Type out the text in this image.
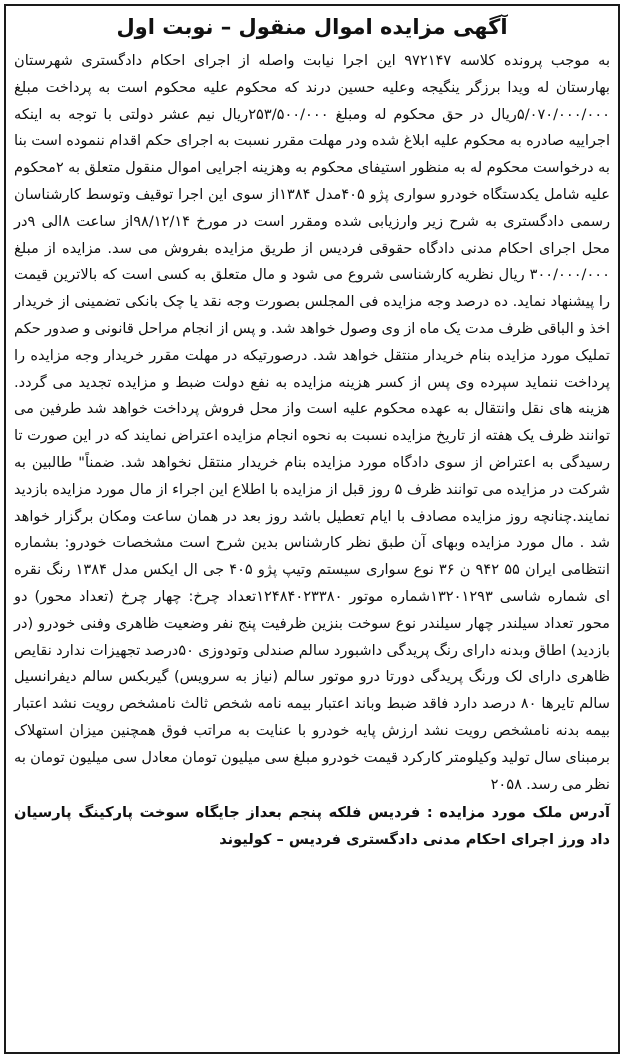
آگهی مزایده اموال منقول – نوبت اول

به موجب پرونده کلاسه ۹۷۲۱۴۷ این اجرا نیابت واصله از اجرای احکام دادگستری شهرستان بهارستان له ویدا برزگر ینگیجه وعلیه حسین درند که محکوم علیه محکوم است به پرداخت مبلغ ۵/۰۷۰/۰۰۰/۰۰۰ریال در حق محکوم له ومبلغ ۲۵۳/۵۰۰/۰۰۰ریال نیم عشر دولتی با توجه به اینکه اجراییه صادره به محکوم علیه ابلاغ شده ودر مهلت مقرر نسبت به اجرای حکم اقدام ننموده است بنا به درخواست محکوم له به منظور استیفای محکوم به وهزینه اجرایی اموال منقول متعلق به ۲محکوم علیه شامل یکدستگاه خودرو سواری پژو ۴۰۵مدل ۱۳۸۴از سوی این اجرا توقیف وتوسط کارشناسان رسمی دادگستری به شرح زیر وارزیابی شده ومقرر است در مورخ ۹۸/۱۲/۱۴از ساعت ۸الی ۹در محل اجرای احکام مدنی دادگاه حقوقی فردیس از طریق مزایده بفروش می سد. مزایده از مبلغ ۳۰۰/۰۰۰/۰۰۰ ریال نظریه کارشناسی شروع می شود و مال متعلق به کسی است که بالاترین قیمت را پیشنهاد نماید. ده درصد وجه مزایده فی المجلس بصورت وجه نقد یا چک بانکی تضمینی از خریدار اخذ و الباقی ظرف مدت یک ماه از وی وصول خواهد شد. و پس از انجام مراحل قانونی و صدور حکم تملیک مورد مزایده بنام خریدار منتقل خواهد شد. درصورتیکه در مهلت مقرر خریدار وجه مزایده را پرداخت ننماید سپرده وی پس از کسر هزینه مزایده به نفع دولت ضبط و مزایده تجدید می گردد. هزینه های نقل وانتقال به عهده محکوم علیه است واز محل فروش پرداخت خواهد شد طرفین می توانند ظرف یک هفته از تاریخ مزایده نسبت به نحوه انجام مزایده اعتراض نمایند که در این صورت تا رسیدگی به اعتراض از سوی دادگاه مورد مزایده بنام خریدار منتقل نخواهد شد. ضمناً" طالبین به شرکت در مزایده می توانند ظرف ۵ روز قبل از مزایده با اطلاع این اجراء از مال مورد مزایده بازدید نمایند.چنانچه روز مزایده مصادف با ایام تعطیل باشد روز بعد در همان ساعت ومکان برگزار خواهد شد . مال مورد مزایده وبهای آن طبق نظر کارشناس بدین شرح است مشخصات خودرو: بشماره انتظامی ایران ۵۵ ۹۴۲ ن ۳۶ نوع سواری سیستم وتیپ پژو ۴۰۵ جی ال ایکس مدل ۱۳۸۴ رنگ نقره ای شماره شاسی ۱۳۲۰۱۲۹۳شماره موتور ۱۲۴۸۴۰۲۳۳۸۰تعداد چرخ: چهار چرخ (تعداد محور) دو محور تعداد سیلندر چهار سیلندر نوع سوخت بنزین ظرفیت پنج نفر وضعیت ظاهری وفنی خودرو (در بازدید) اطاق وبدنه دارای رنگ پریدگی داشبورد سالم صندلی وتودوزی ۵۰درصد تجهیزات ندارد نقایص ظاهری دارای لک ورنگ پریدگی دورتا درو موتور سالم (نیاز به سرویس) گیربکس سالم دیفرانسیل سالم تایرها ۸۰ درصد دارد فاقد ضبط وباند اعتبار بیمه نامه شخص ثالث نامشخص رویت نشد اعتبار بیمه بدنه نامشخص رویت نشد ارزش پایه خودرو با عنایت به مراتب فوق همچنین میزان استهلاک برمبنای سال تولید وکیلومتر کارکرد قیمت خودرو مبلغ سی میلیون تومان معادل سی میلیون تومان به نظر می رسد. ۲۰۵۸

آدرس ملک مورد مزایده : فردیس فلکه پنجم بعداز جایگاه سوخت پارکینگ پارسیان داد ورز اجرای احکام مدنی دادگستری فردیس – کولیوند
